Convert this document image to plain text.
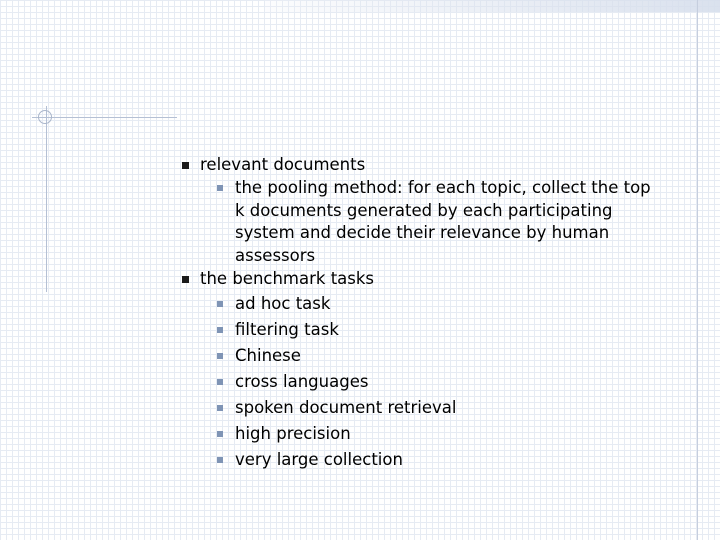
relevant documents
the pooling method: for each topic, collect the top k documents generated by each participating system and decide their relevance by human assessors
the benchmark tasks
ad hoc task
filtering task
Chinese
cross languages
spoken document retrieval
high precision
very large collection
